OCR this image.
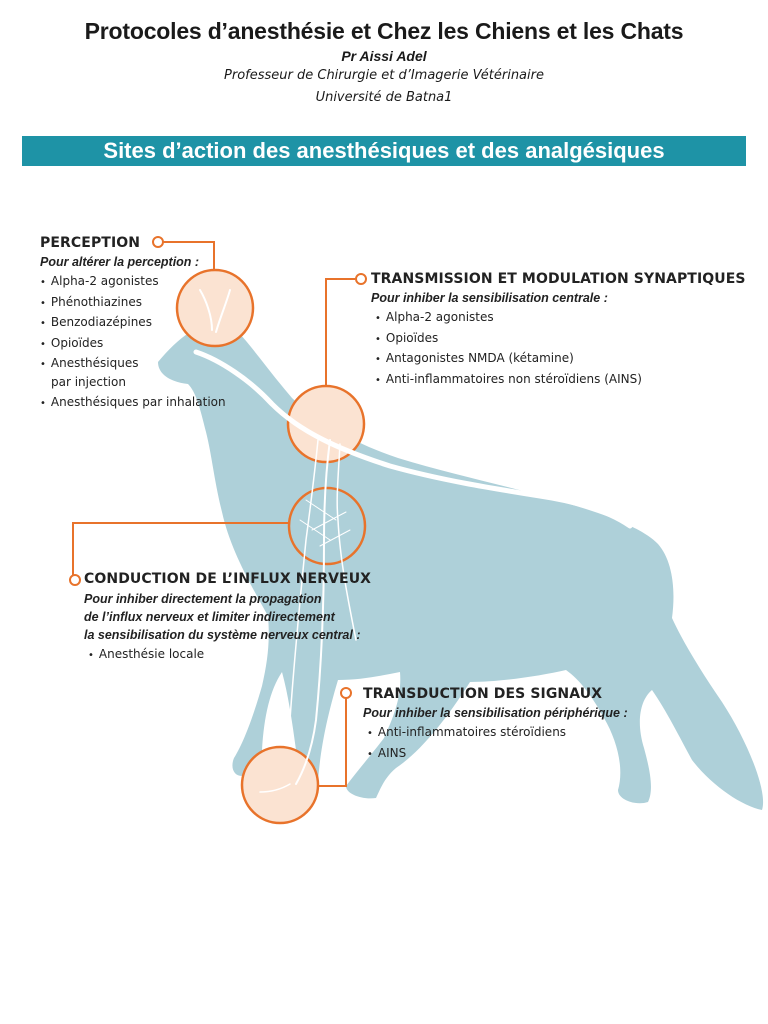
Protocoles d’anesthésie et Chez les Chiens et les Chats
Pr Aissi Adel
Professeur de Chirurgie et d’Imagerie Vétérinaire
Université de Batna1
Sites d’action des anesthésiques et des analgésiques
PERCEPTION
Pour altérer la perception :
• Alpha-2 agonistes
• Phénothiazines
• Benzodiazépines
• Opioïdes
• Anesthésiques
par injection
• Anesthésiques par inhalation
TRANSMISSION ET MODULATION SYNAPTIQUES
Pour inhiber la sensibilisation centrale :
• Alpha-2 agonistes
• Opioïdes
• Antagonistes NMDA (kétamine)
• Anti-inflammatoires non stéroïdiens (AINS)
CONDUCTION DE L’INFLUX NERVEUX
Pour inhiber directement la propagation
de l’influx nerveux et limiter indirectement
la sensibilisation du système nerveux central :
• Anesthésie locale
TRANSDUCTION DES SIGNAUX
Pour inhiber la sensibilisation périphérique :
• Anti-inflammatoires stéroïdiens
• AINS
